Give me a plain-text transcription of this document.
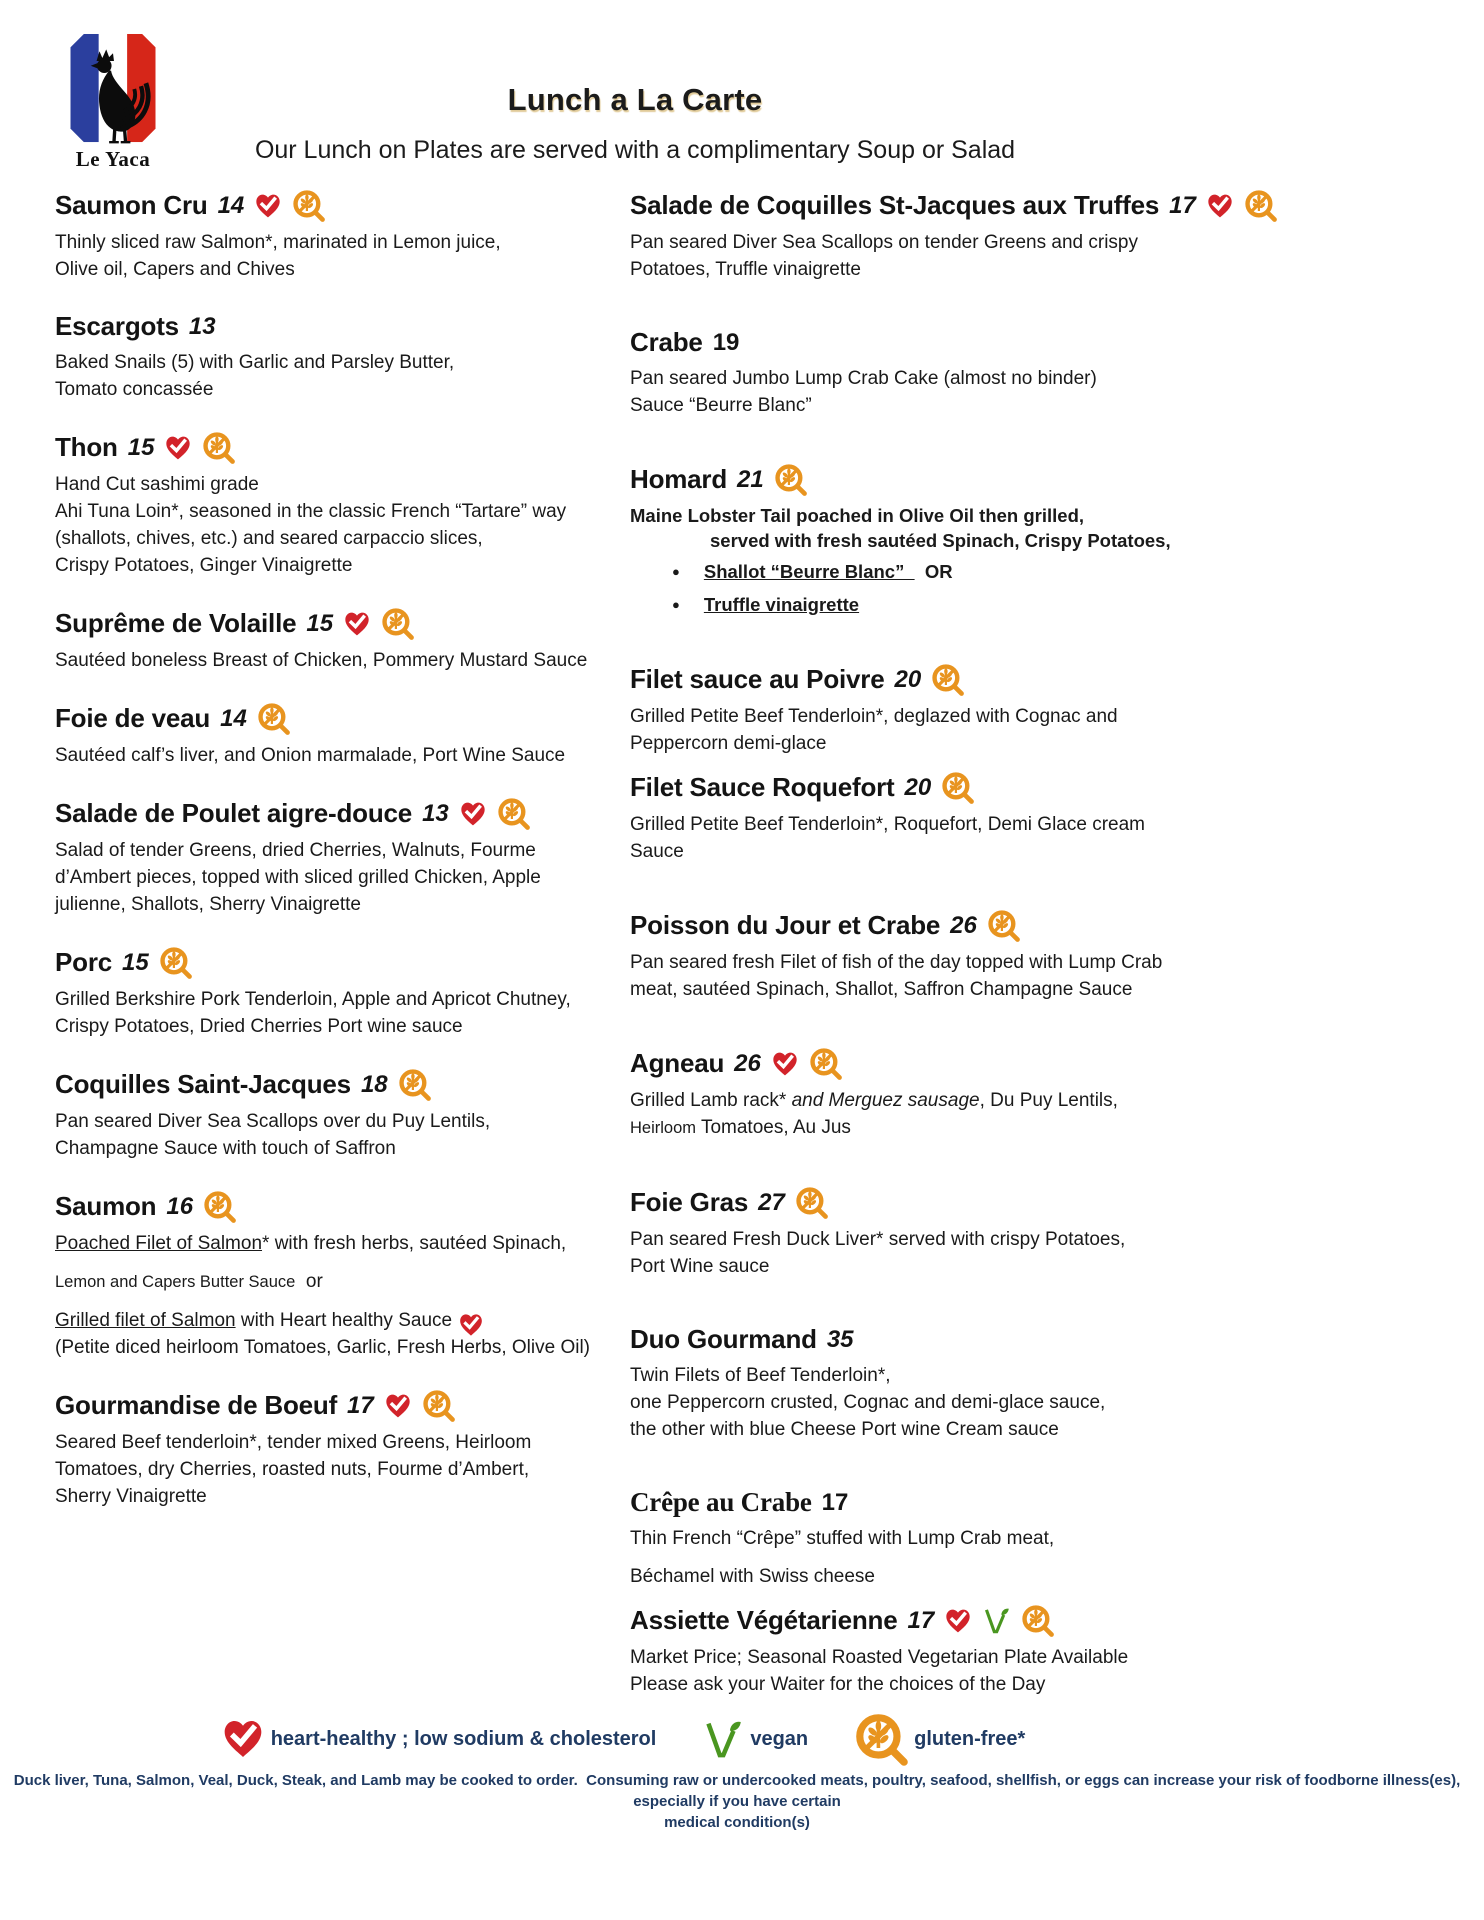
Le Yaca
Lunch a La Carte

Our Lunch on Plates are served with a complimentary Soup or Salad

Saumon Cru 14
Thinly sliced raw Salmon*, marinated in Lemon juice,
Olive oil, Capers and Chives
Escargots 13
Baked Snails (5) with Garlic and Parsley Butter,
Tomato concassée
Thon 15
Hand Cut sashimi grade
Ahi Tuna Loin*, seasoned in the classic French “Tartare” way
(shallots, chives, etc.) and seared carpaccio slices,
Crispy Potatoes, Ginger Vinaigrette
Suprême de Volaille 15
Sautéed boneless Breast of Chicken, Pommery Mustard Sauce
Foie de veau 14
Sautéed calf’s liver, and Onion marmalade, Port Wine Sauce
Salade de Poulet aigre-douce 13
Salad of tender Greens, dried Cherries, Walnuts, Fourme
d’Ambert pieces, topped with sliced grilled Chicken, Apple
julienne, Shallots, Sherry Vinaigrette
Porc 15
Grilled Berkshire Pork Tenderloin, Apple and Apricot Chutney,
Crispy Potatoes, Dried Cherries Port wine sauce
Coquilles Saint-Jacques 18
Pan seared Diver Sea Scallops over du Puy Lentils,
Champagne Sauce with touch of Saffron
Saumon 16
Poached Filet of Salmon* with fresh herbs, sautéed Spinach,
Lemon and Capers Butter Sauce  or
Grilled filet of Salmon with Heart healthy Sauce
(Petite diced heirloom Tomatoes, Garlic, Fresh Herbs, Olive Oil)
Gourmandise de Boeuf 17
Seared Beef tenderloin*, tender mixed Greens, Heirloom
Tomatoes, dry Cherries, roasted nuts, Fourme d’Ambert,
Sherry Vinaigrette
Salade de Coquilles St-Jacques aux Truffes 17
Pan seared Diver Sea Scallops on tender Greens and crispy
Potatoes, Truffle vinaigrette
Crabe 19
Pan seared Jumbo Lump Crab Cake (almost no binder)
Sauce “Beurre Blanc”
Homard 21
Maine Lobster Tail poached in Olive Oil then grilled,
served with fresh sautéed Spinach, Crispy Potatoes,
● Shallot “Beurre Blanc” OR
● Truffle vinaigrette
Filet sauce au Poivre 20
Grilled Petite Beef Tenderloin*, deglazed with Cognac and
Peppercorn demi-glace
Filet Sauce Roquefort 20
Grilled Petite Beef Tenderloin*, Roquefort, Demi Glace cream
Sauce
Poisson du Jour et Crabe 26
Pan seared fresh Filet of fish of the day topped with Lump Crab
meat, sautéed Spinach, Shallot, Saffron Champagne Sauce
Agneau 26
Grilled Lamb rack* and Merguez sausage, Du Puy Lentils,
Heirloom Tomatoes, Au Jus
Foie Gras 27
Pan seared Fresh Duck Liver* served with crispy Potatoes,
Port Wine sauce
Duo Gourmand 35
Twin Filets of Beef Tenderloin*,
one Peppercorn crusted, Cognac and demi-glace sauce,
the other with blue Cheese Port wine Cream sauce
Crêpe au Crabe 17
Thin French “Crêpe” stuffed with Lump Crab meat,
Béchamel with Swiss cheese
Assiette Végétarienne 17
Market Price; Seasonal Roasted Vegetarian Plate Available
Please ask your Waiter for the choices of the Day
heart-healthy ; low sodium & cholesterol	vegan	gluten-free*
Duck liver, Tuna, Salmon, Veal, Duck, Steak, and Lamb may be cooked to order.  Consuming raw or undercooked meats, poultry, seafood, shellfish, or eggs can increase your risk of foodborne illness(es), especially if you have certain
medical condition(s)
